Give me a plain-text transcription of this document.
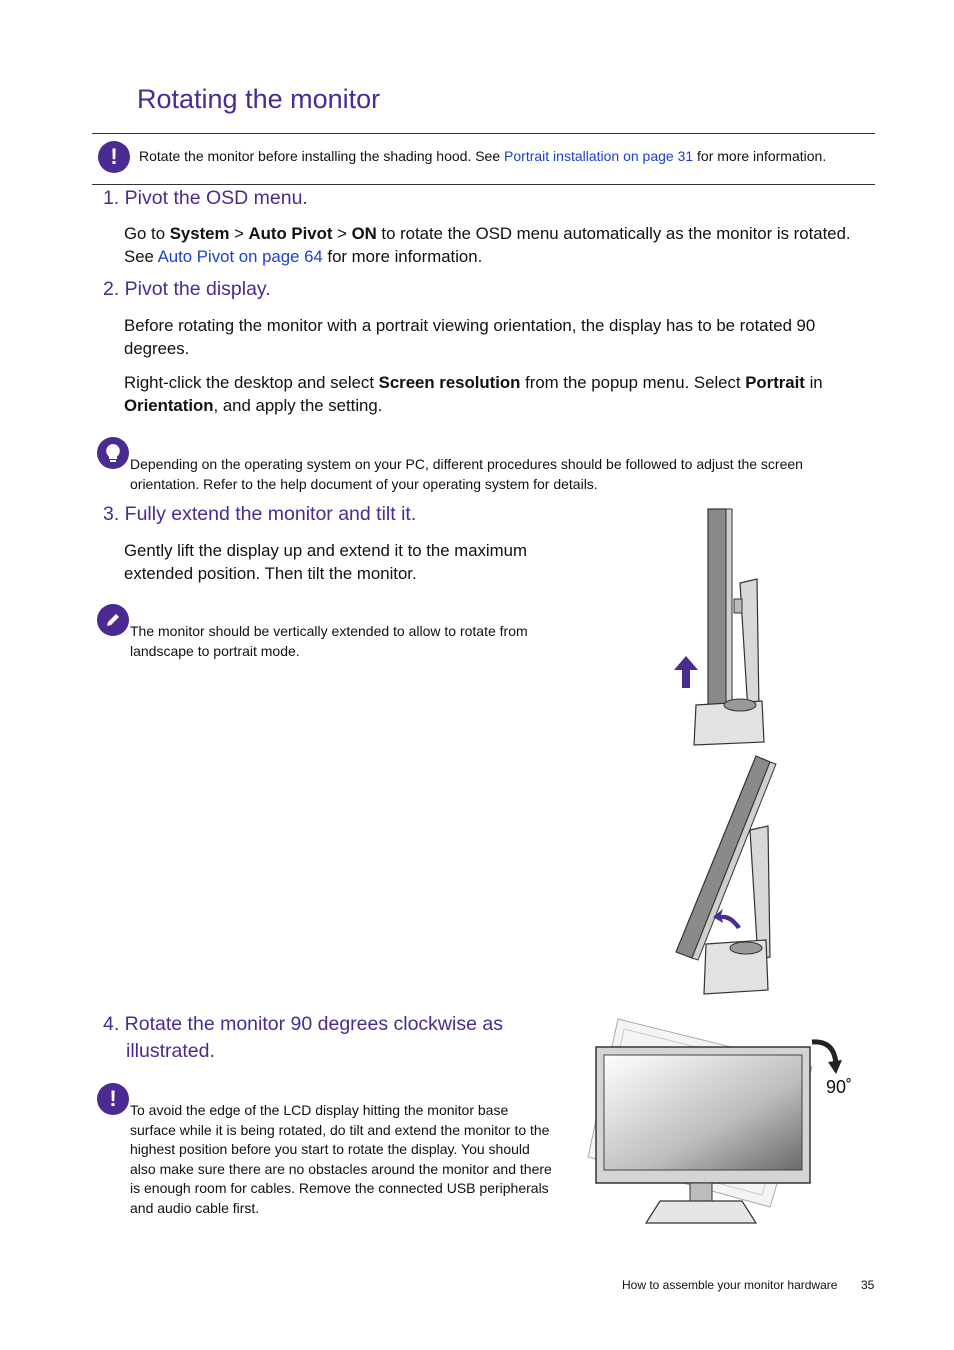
Rotating the monitor
!	Rotate the monitor before installing the shading hood. See Portrait installation on page 31 for more information.
1. Pivot the OSD menu.
Go to System > Auto Pivot > ON to rotate the OSD menu automatically as the monitor is rotated. See Auto Pivot on page 64 for more information.
2. Pivot the display.
Before rotating the monitor with a portrait viewing orientation, the display has to be rotated 90 degrees.
Right-click the desktop and select Screen resolution from the popup menu. Select Portrait in Orientation, and apply the setting.
Depending on the operating system on your PC, different procedures should be followed to adjust the screen orientation. Refer to the help document of your operating system for details.
3. Fully extend the monitor and tilt it.
Gently lift the display up and extend it to the maximum extended position. Then tilt the monitor.
The monitor should be vertically extended to allow to rotate from landscape to portrait mode.
4. Rotate the monitor 90 degrees clockwise as
illustrated.
! To avoid the edge of the LCD display hitting the monitor base surface while it is being rotated, do tilt and extend the monitor to the highest position before you start to rotate the display. You should also make sure there are no obstacles around the monitor and there is enough room for cables. Remove the connected USB peripherals and audio cable first.
90˚
How to assemble your monitor hardware 35
